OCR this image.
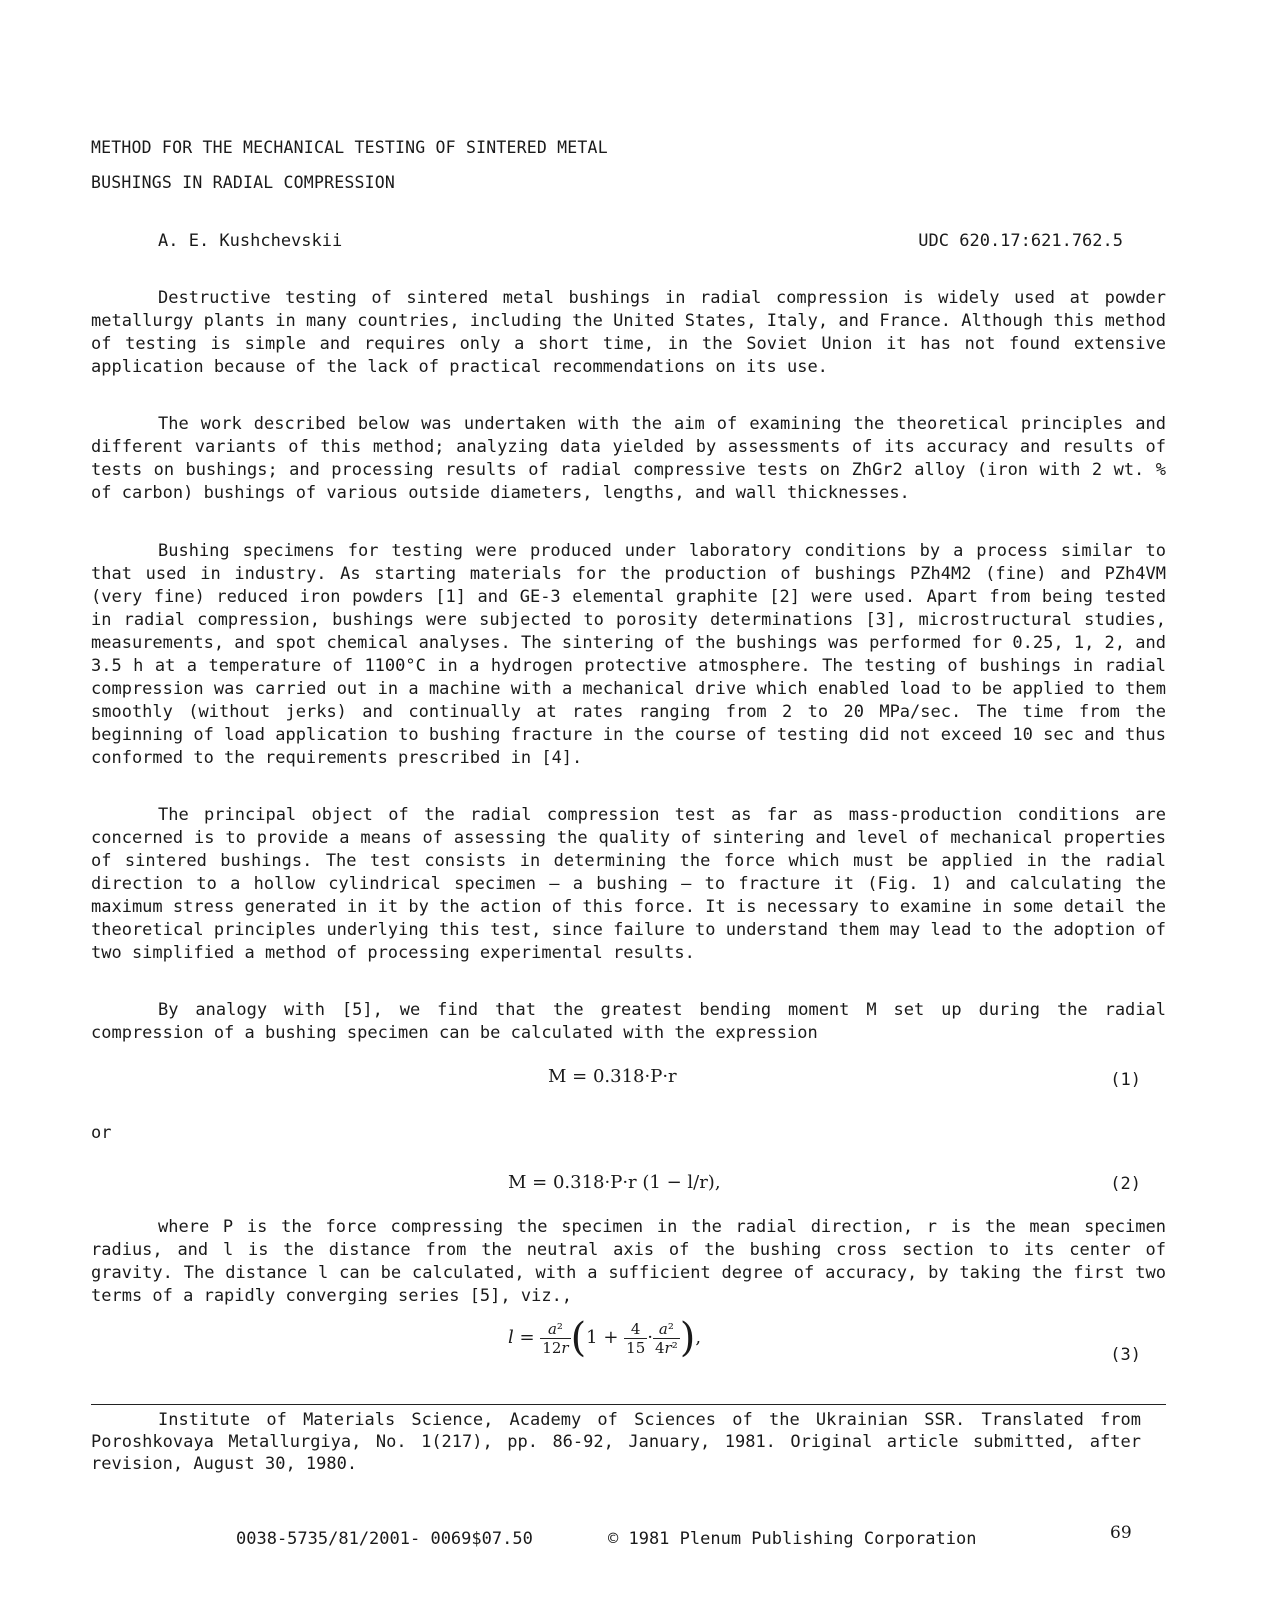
METHOD FOR THE MECHANICAL TESTING OF SINTERED METAL
BUSHINGS IN RADIAL COMPRESSION
A. E. Kushchevskii	UDC 620.17:621.762.5

Destructive testing of sintered metal bushings in radial compression is widely used at powder metallurgy plants in many countries, including the United States, Italy, and France. Although this method of testing is simple and requires only a short time, in the Soviet Union it has not found extensive application because of the lack of practical recommendations on its use.

The work described below was undertaken with the aim of examining the theoretical principles and different variants of this method; analyzing data yielded by assessments of its accuracy and results of tests on bushings; and processing results of radial compressive tests on ZhGr2 alloy (iron with 2 wt. % of carbon) bushings of various outside diameters, lengths, and wall thicknesses.

Bushing specimens for testing were produced under laboratory conditions by a process similar to that used in industry. As starting materials for the production of bushings PZh4M2 (fine) and PZh4VM (very fine) reduced iron powders [1] and GE-3 elemental graphite [2] were used. Apart from being tested in radial compression, bushings were subjected to porosity determinations [3], microstructural studies, measurements, and spot chemical analyses. The sintering of the bushings was performed for 0.25, 1, 2, and 3.5 h at a temperature of 1100°C in a hydrogen protective atmosphere. The testing of bushings in radial compression was carried out in a machine with a mechanical drive which enabled load to be applied to them smoothly (without jerks) and continually at rates ranging from 2 to 20 MPa/sec. The time from the beginning of load application to bushing fracture in the course of testing did not exceed 10 sec and thus conformed to the requirements prescribed in [4].

The principal object of the radial compression test as far as mass-production conditions are concerned is to provide a means of assessing the quality of sintering and level of mechanical properties of sintered bushings. The test consists in determining the force which must be applied in the radial direction to a hollow cylindrical specimen — a bushing — to fracture it (Fig. 1) and calculating the maximum stress generated in it by the action of this force. It is necessary to examine in some detail the theoretical principles underlying this test, since failure to understand them may lead to the adoption of two simplified a method of processing experimental results.

By analogy with [5], we find that the greatest bending moment M set up during the radial compression of a bushing specimen can be calculated with the expression

M = 0.318·P·r	(1)
or
M = 0.318·P·r (1 − l/r),	(2)

where P is the force compressing the specimen in the radial direction, r is the mean specimen radius, and l is the distance from the neutral axis of the bushing cross section to its center of gravity. The distance l can be calculated, with a sufficient degree of accuracy, by taking the first two terms of a rapidly converging series [5], viz.,

$l = \frac{\text{a²}}{12r} (1 + \frac{4}{15} \cdot \frac{\text{a²}}{\text{4r²}}$ ),
(3)

Institute of Materials Science, Academy of Sciences of the Ukrainian SSR. Translated from Poroshkovaya Metallurgiya, No. 1(217), pp. 86-92, January, 1981. Original article submitted, after revision, August 30, 1980.

0038-5735/81/2001- 0069$07.50	© 1981 Plenum Publishing Corporation	69
